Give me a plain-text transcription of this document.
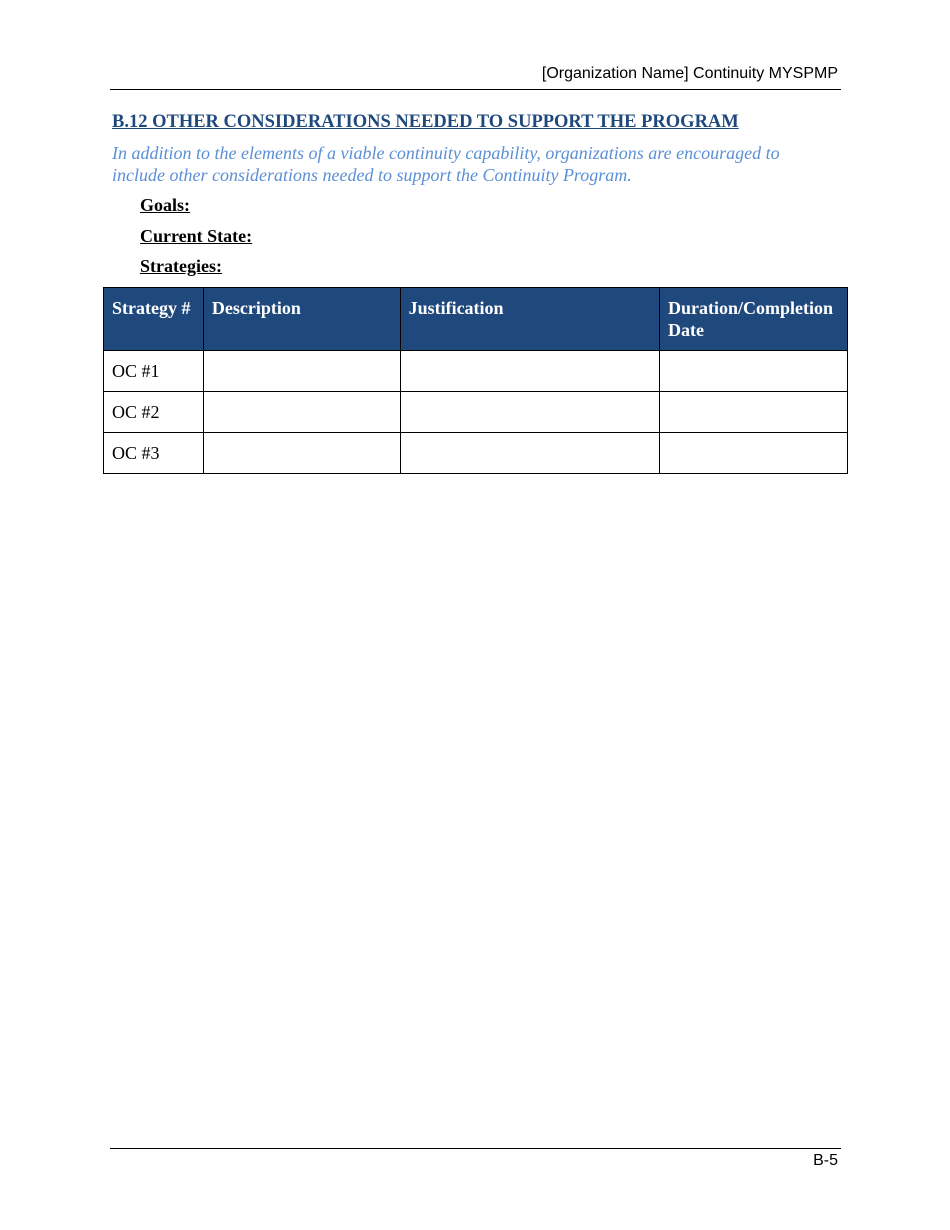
[Organization Name] Continuity MYSPMP
B.12 OTHER CONSIDERATIONS NEEDED TO SUPPORT THE PROGRAM
In addition to the elements of a viable continuity capability, organizations are encouraged to include other considerations needed to support the Continuity Program.
Goals:
Current State:
Strategies:
Strategy #	Description	Justification	Duration/Completion Date
OC #1			
OC #2			
OC #3			
B-5
